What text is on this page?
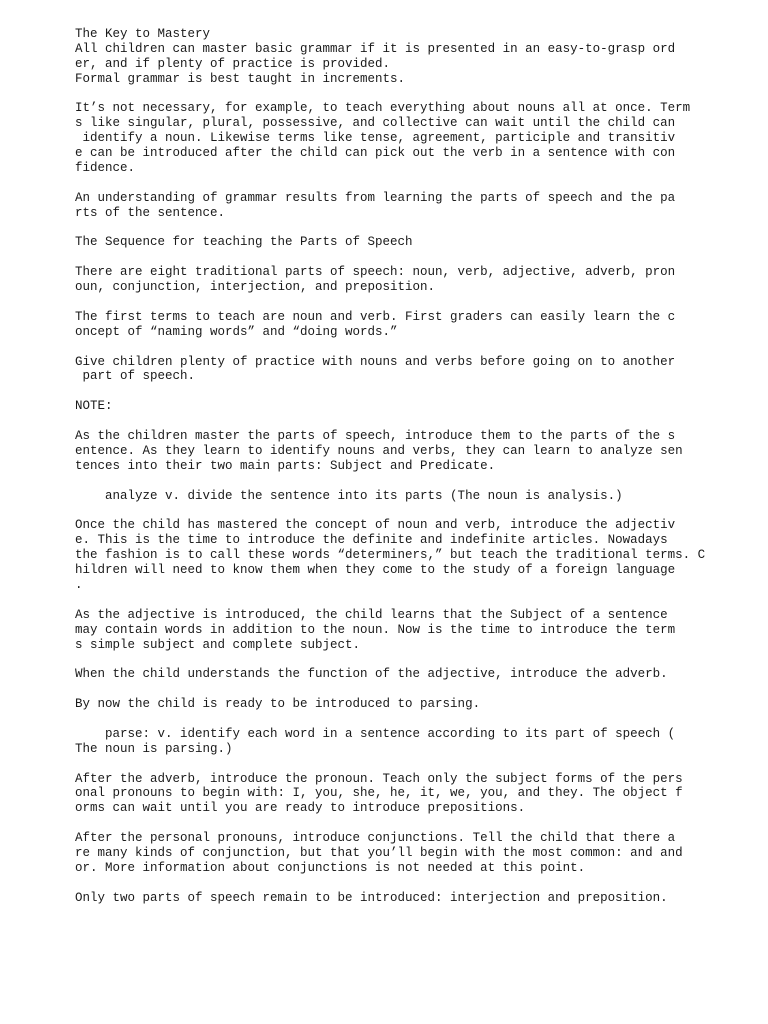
The Key to Mastery
All children can master basic grammar if it is presented in an easy-to-grasp ord
er, and if plenty of practice is provided.
Formal grammar is best taught in increments.
It’s not necessary, for example, to teach everything about nouns all at once. Term
s like singular, plural, possessive, and collective can wait until the child can
identify a noun. Likewise terms like tense, agreement, participle and transitiv
e can be introduced after the child can pick out the verb in a sentence with con
fidence.
An understanding of grammar results from learning the parts of speech and the pa
rts of the sentence.
The Sequence for teaching the Parts of Speech
There are eight traditional parts of speech: noun, verb, adjective, adverb, pron
oun, conjunction, interjection, and preposition.
The first terms to teach are noun and verb. First graders can easily learn the c
oncept of “naming words” and “doing words.”
Give children plenty of practice with nouns and verbs before going on to another
part of speech.
NOTE:
As the children master the parts of speech, introduce them to the parts of the s
entence. As they learn to identify nouns and verbs, they can learn to analyze sen
tences into their two main parts: Subject and Predicate.
analyze v. divide the sentence into its parts (The noun is analysis.)
Once the child has mastered the concept of noun and verb, introduce the adjectiv
e. This is the time to introduce the definite and indefinite articles. Nowadays
the fashion is to call these words “determiners,” but teach the traditional terms. C
hildren will need to know them when they come to the study of a foreign language
.
As the adjective is introduced, the child learns that the Subject of a sentence
may contain words in addition to the noun. Now is the time to introduce the term
s simple subject and complete subject.
When the child understands the function of the adjective, introduce the adverb.
By now the child is ready to be introduced to parsing.
parse: v. identify each word in a sentence according to its part of speech (
The noun is parsing.)
After the adverb, introduce the pronoun. Teach only the subject forms of the pers
onal pronouns to begin with: I, you, she, he, it, we, you, and they. The object f
orms can wait until you are ready to introduce prepositions.
After the personal pronouns, introduce conjunctions. Tell the child that there a
re many kinds of conjunction, but that you’ll begin with the most common: and and
or. More information about conjunctions is not needed at this point.
Only two parts of speech remain to be introduced: interjection and preposition.
